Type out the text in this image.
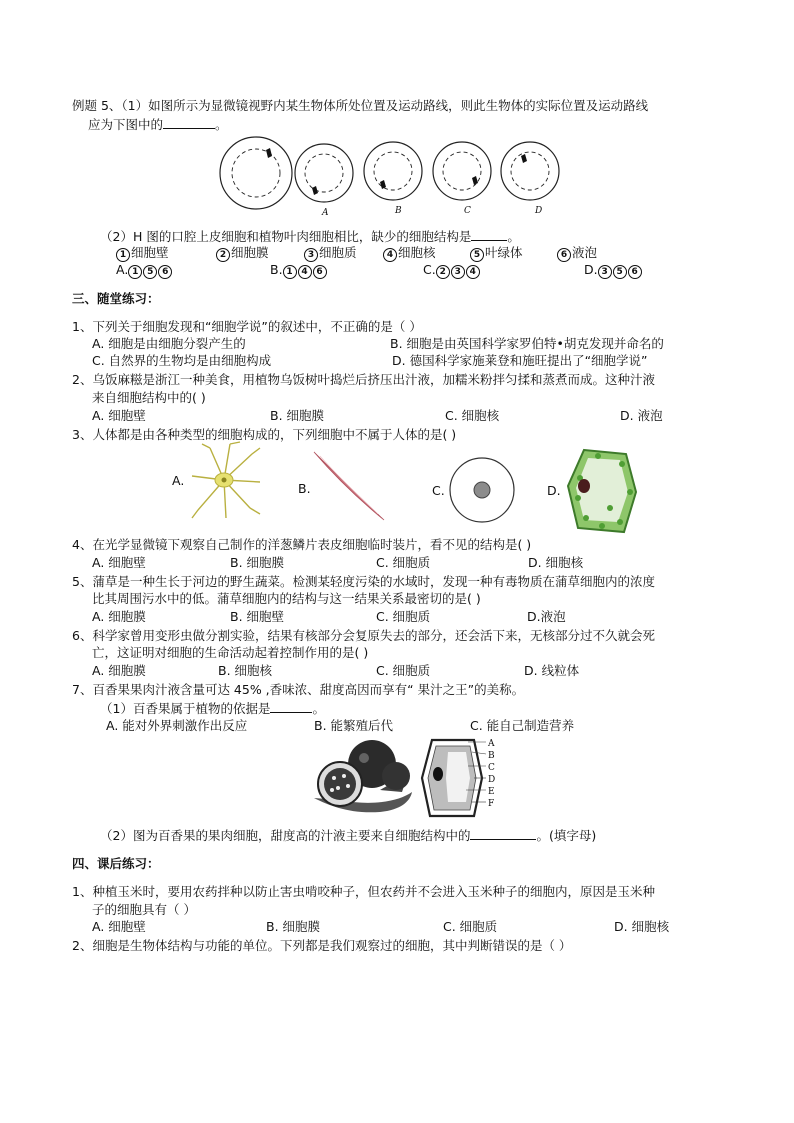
例题 5、（1）如图所示为显微镜视野内某生物体所处位置及运动路线，则此生物体的实际位置及运动路线
应为下图中的	。
A	B	C	D
（2）H 图的口腔上皮细胞和植物叶肉细胞相比，缺少的细胞结构是	。
1 细胞壁	2 细胞膜	3 细胞质	4 细胞核	5 叶绿体	6 液泡
A. 1 5 6	B. 1 4 6	C. 2 3 4	D. 3 5 6
三、随堂练习：
1、下列关于细胞发现和“细胞学说”的叙述中，不正确的是（ ）
A. 细胞是由细胞分裂产生的	B. 细胞是由英国科学家罗伯特•胡克发现并命名的
C. 自然界的生物均是由细胞构成	D. 德国科学家施莱登和施旺提出了“细胞学说”
2、乌饭麻糍是浙江一种美食，用植物乌饭树叶捣烂后挤压出汁液，加糯米粉拌匀揉和蒸煮而成。这种汁液
来自细胞结构中的( )
A. 细胞壁	B. 细胞膜	C. 细胞核	D. 液泡
3、人体都是由各种类型的细胞构成的，下列细胞中不属于人体的是( )
A.
B.	C.	D.
4、在光学显微镜下观察自己制作的洋葱鳞片表皮细胞临时装片，看不见的结构是( )
A. 细胞壁	B. 细胞膜	C. 细胞质	D. 细胞核
5、蒲草是一种生长于河边的野生蔬菜。检测某轻度污染的水域时，发现一种有毒物质在蒲草细胞内的浓度
比其周围污水中的低。蒲草细胞内的结构与这一结果关系最密切的是( )
A. 细胞膜	B. 细胞壁	C. 细胞质	D.液泡
6、科学家曾用变形虫做分割实验，结果有核部分会复原失去的部分，还会活下来，无核部分过不久就会死
亡，这证明对细胞的生命活动起着控制作用的是( )
A. 细胞膜	B. 细胞核	C. 细胞质	D. 线粒体
7、百香果果肉汁液含量可达 45% ,香味浓、甜度高因而享有“ 果汁之王”的美称。
（1）百香果属于植物的依据是	。
A. 能对外界刺激作出反应	B. 能繁殖后代	C. 能自己制造营养
A
B
C
D
E
F
（2）图为百香果的果肉细胞，甜度高的汁液主要来自细胞结构中的	。(填字母)
四、课后练习：
1、种植玉米时，要用农药拌种以防止害虫啃咬种子，但农药并不会进入玉米种子的细胞内，原因是玉米种
子的细胞具有（ ）
A. 细胞壁	B. 细胞膜	C. 细胞质	D. 细胞核
2、细胞是生物体结构与功能的单位。下列都是我们观察过的细胞，其中判断错误的是（ ）
